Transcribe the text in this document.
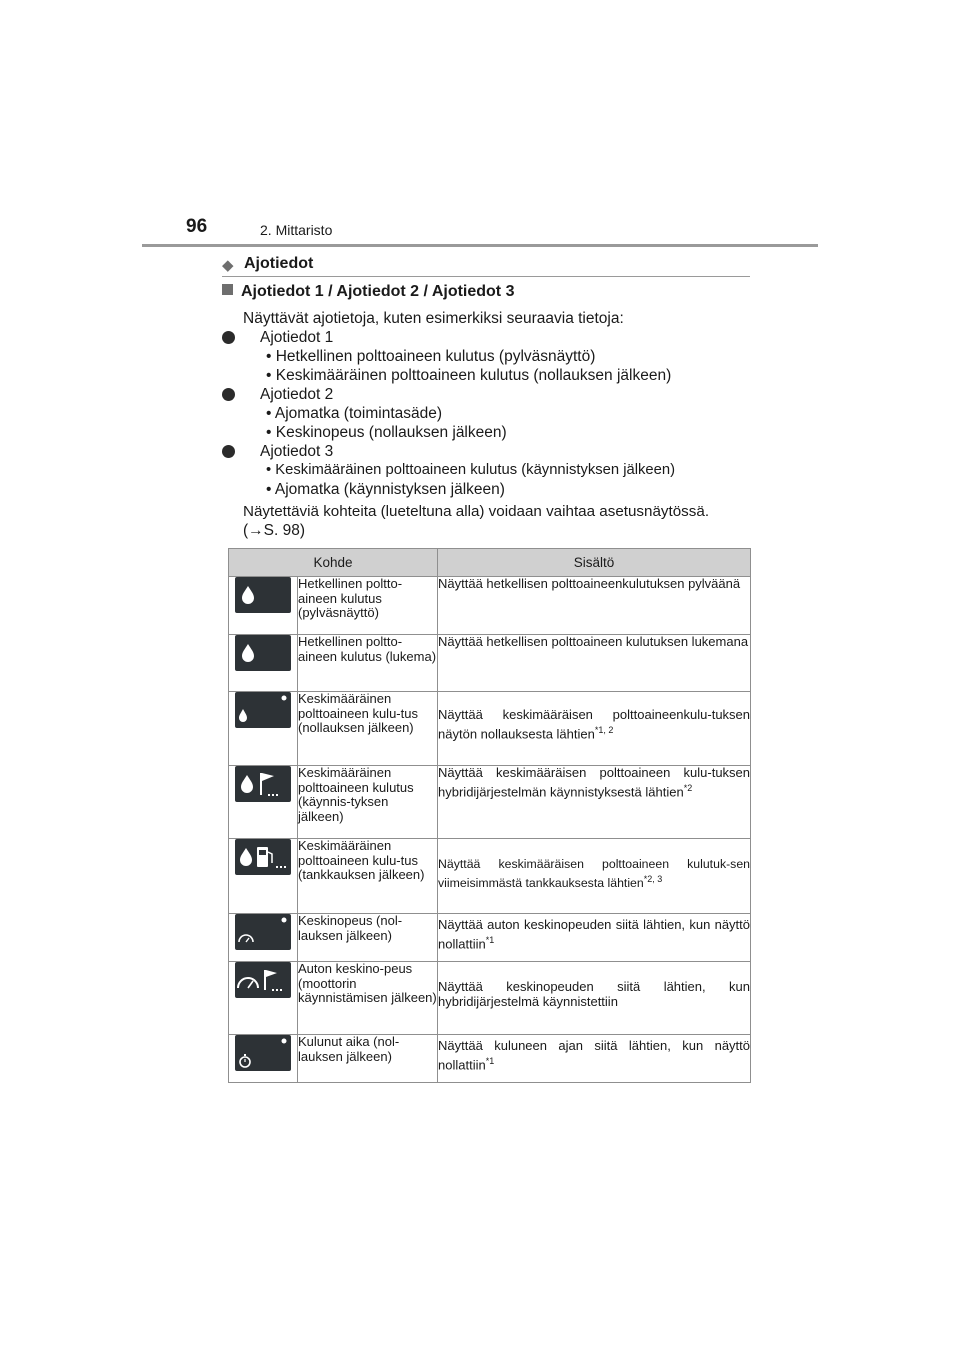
96	2. Mittaristo
◆ Ajotiedot
Ajotiedot 1 / Ajotiedot 2 / Ajotiedot 3
Näyttävät ajotietoja, kuten esimerkiksi seuraavia tietoja:
Ajotiedot 1
• Hetkellinen polttoaineen kulutus (pylväsnäyttö)
• Keskimääräinen polttoaineen kulutus (nollauksen jälkeen)
Ajotiedot 2
• Ajomatka (toimintasäde)
• Keskinopeus (nollauksen jälkeen)
Ajotiedot 3
• Keskimääräinen polttoaineen kulutus (käynnistyksen jälkeen)
• Ajomatka (käynnistyksen jälkeen)
Näytettäviä kohteita (lueteltuna alla) voidaan vaihtaa asetusnäytössä.
(→S. 98)
Kohde		Sisältö

	Hetkellinen poltto-aineen kulutus (pylväsnäyttö)	Näyttää hetkellisen polttoaineenkulutuksen pylväänä

	Hetkellinen poltto-aineen kulutus (lukema)	Näyttää hetkellisen polttoaineen kulutuksen lukemana

	Keskimääräinen polttoaineen kulu-tus (nollauksen jälkeen)	Näyttää keskimääräisen polttoaineenkulu-tuksen näytön nollauksesta lähtien$^{*1, 2}$

	Keskimääräinen polttoaineen kulutus (käynnis-tyksen jälkeen)	Näyttää keskimääräisen polttoaineen kulu-tuksen hybridijärjestelmän käynnistyksestä lähtien$^{*2}$

	Keskimääräinen polttoaineen kulu-tus (tankkauksen jälkeen)	Näyttää keskimääräisen polttoaineen kulutuk-sen viimeisimmästä tankkauksesta lähtien$^{*2, 3}$

	Keskinopeus (nol-lauksen jälkeen)	Näyttää auton keskinopeuden siitä lähtien, kun näyttö nollattiin$^{*1}$

	Auton keskino-peus (moottorin käynnistämisen jälkeen)	Näyttää keskinopeuden siitä lähtien, kun hybridijärjestelmä käynnistettiin

	Kulunut aika (nol-lauksen jälkeen)	Näyttää kuluneen ajan siitä lähtien, kun näyttö nollattiin$^{*1}$
